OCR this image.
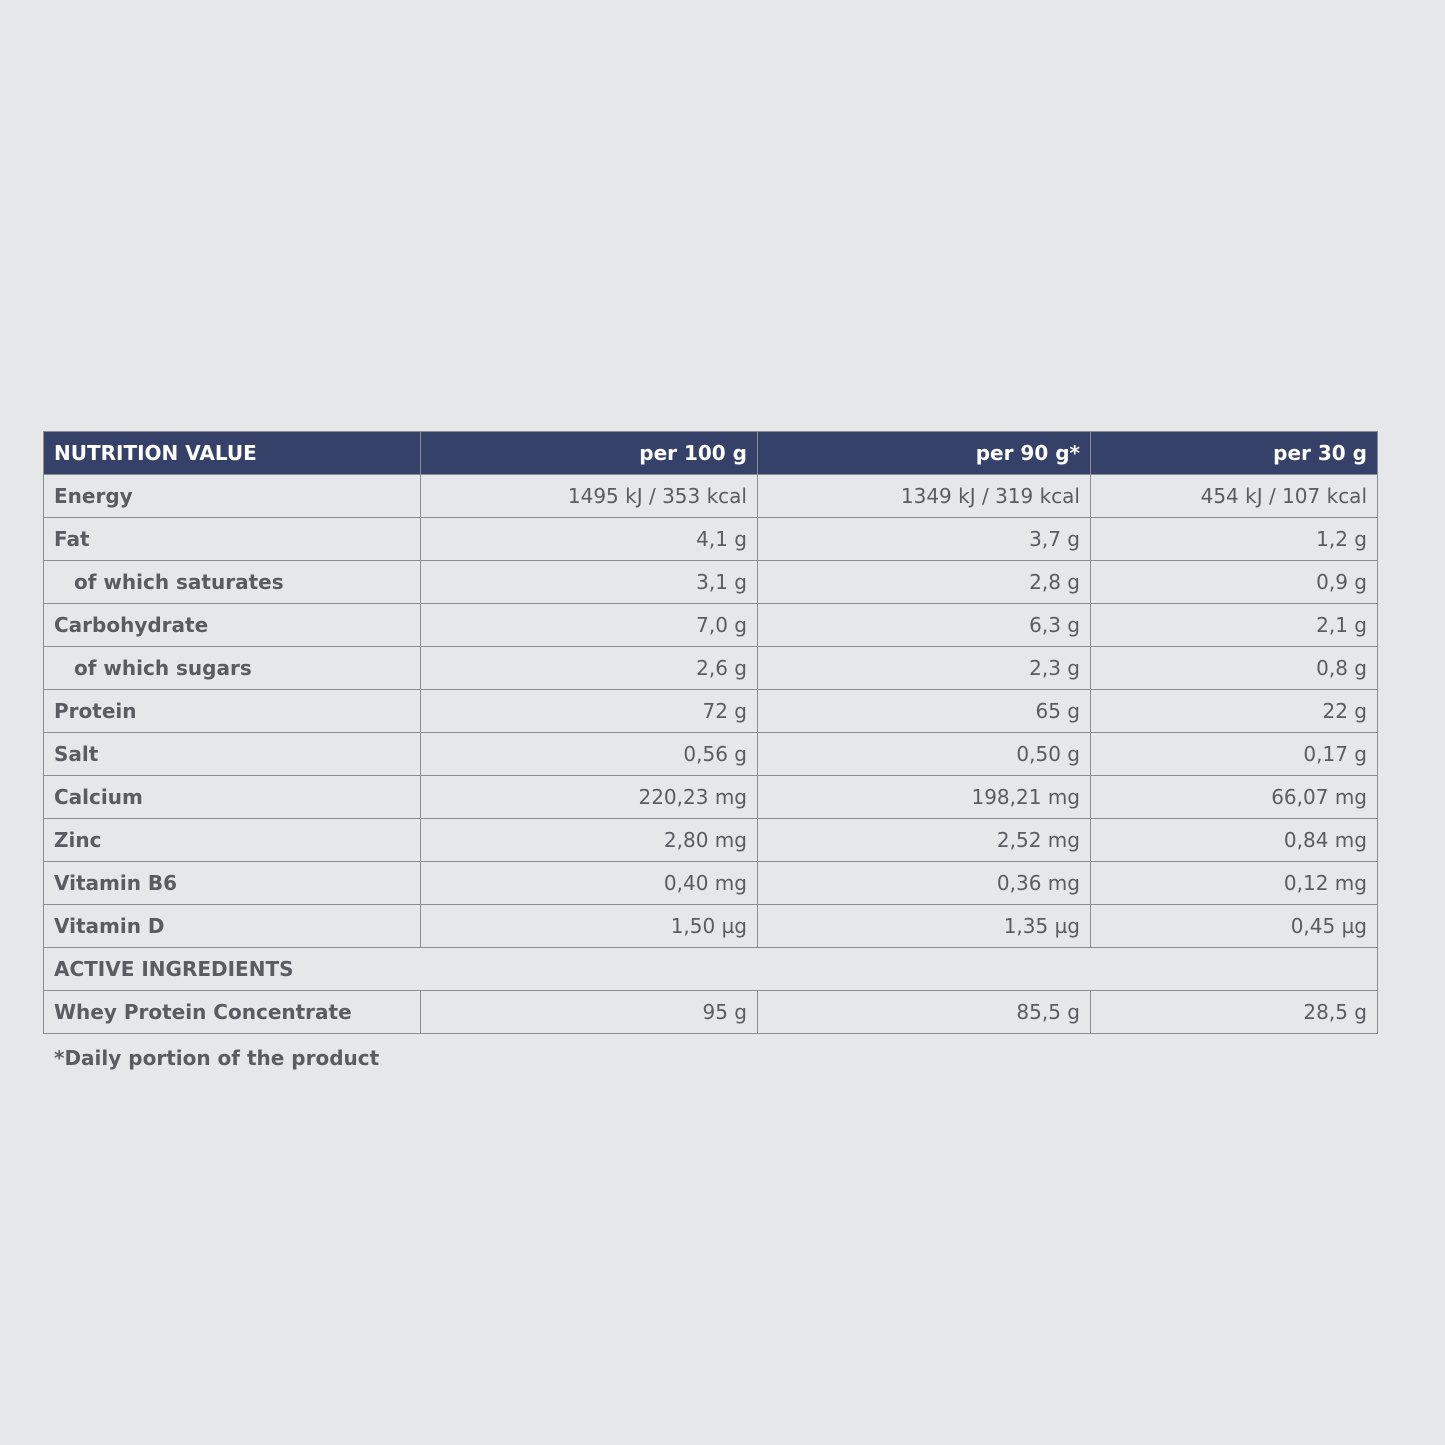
NUTRITION VALUE	per 100 g	per 90 g*	per 30 g
Energy	1495 kJ / 353 kcal	1349 kJ / 319 kcal	454 kJ / 107 kcal
Fat	4,1 g	3,7 g	1,2 g
of which saturates	3,1 g	2,8 g	0,9 g
Carbohydrate	7,0 g	6,3 g	2,1 g
of which sugars	2,6 g	2,3 g	0,8 g
Protein	72 g	65 g	22 g
Salt	0,56 g	0,50 g	0,17 g
Calcium	220,23 mg	198,21 mg	66,07 mg
Zinc	2,80 mg	2,52 mg	0,84 mg
Vitamin B6	0,40 mg	0,36 mg	0,12 mg
Vitamin D	1,50 µg	1,35 µg	0,45 µg
ACTIVE INGREDIENTS			
Whey Protein Concentrate	95 g	85,5 g	28,5 g
*Daily portion of the product
